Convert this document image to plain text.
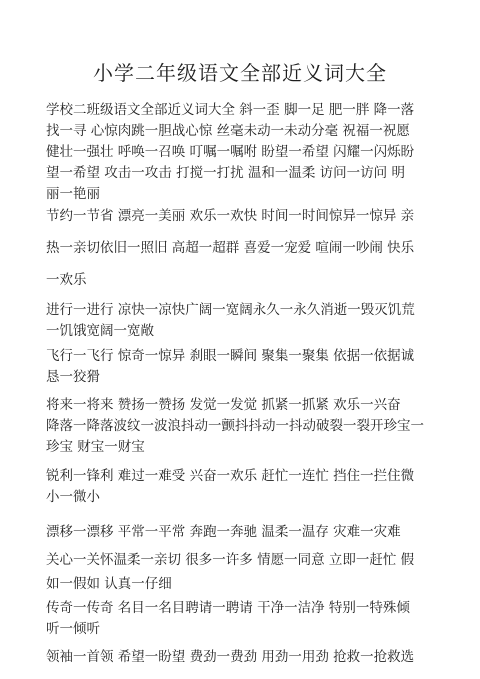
小学二年级语文全部近义词大全
学校二班级语文全部近义词大全 斜一歪 脚一足 肥一胖 降一落
找一寻 心惊肉跳一胆战心惊 丝毫未动一未动分毫 祝福一祝愿
健壮一强壮 呼唤一召唤 叮嘱一嘱咐 盼望一希望 闪耀一闪烁盼
望一希望 攻击一攻击 打搅一打扰 温和一温柔 访问一访问 明
丽一艳丽
节约一节省 漂亮一美丽 欢乐一欢快 时间一时间惊异一惊异 亲
热一亲切依旧一照旧 高超一超群 喜爱一宠爱 喧闹一吵闹 快乐
一欢乐
进行一进行 凉快一凉快广阔一宽阔永久一永久消逝一毁灭饥荒
一饥饿宽阔一宽敞
飞行一飞行 惊奇一惊异 刹眼一瞬间 聚集一聚集 依据一依据诚
恳一狡猾
将来一将来 赞扬一赞扬 发觉一发觉 抓紧一抓紧 欢乐一兴奋
降落一降落波纹一波浪抖动一颤抖抖动一抖动破裂一裂开珍宝一
珍宝 财宝一财宝
锐利一锋利 难过一难受 兴奋一欢乐 赶忙一连忙 挡住一拦住微
小一微小
漂移一漂移 平常一平常 奔跑一奔驰 温柔一温存 灾难一灾难
关心一关怀温柔一亲切 很多一许多 情愿一同意 立即一赶忙 假
如一假如 认真一仔细
传奇一传奇 名目一名目聘请一聘请 干净一洁净 特别一特殊倾
听一倾听
领袖一首领 希望一盼望 费劲一费劲 用劲一用劲 抢救一抢救选
